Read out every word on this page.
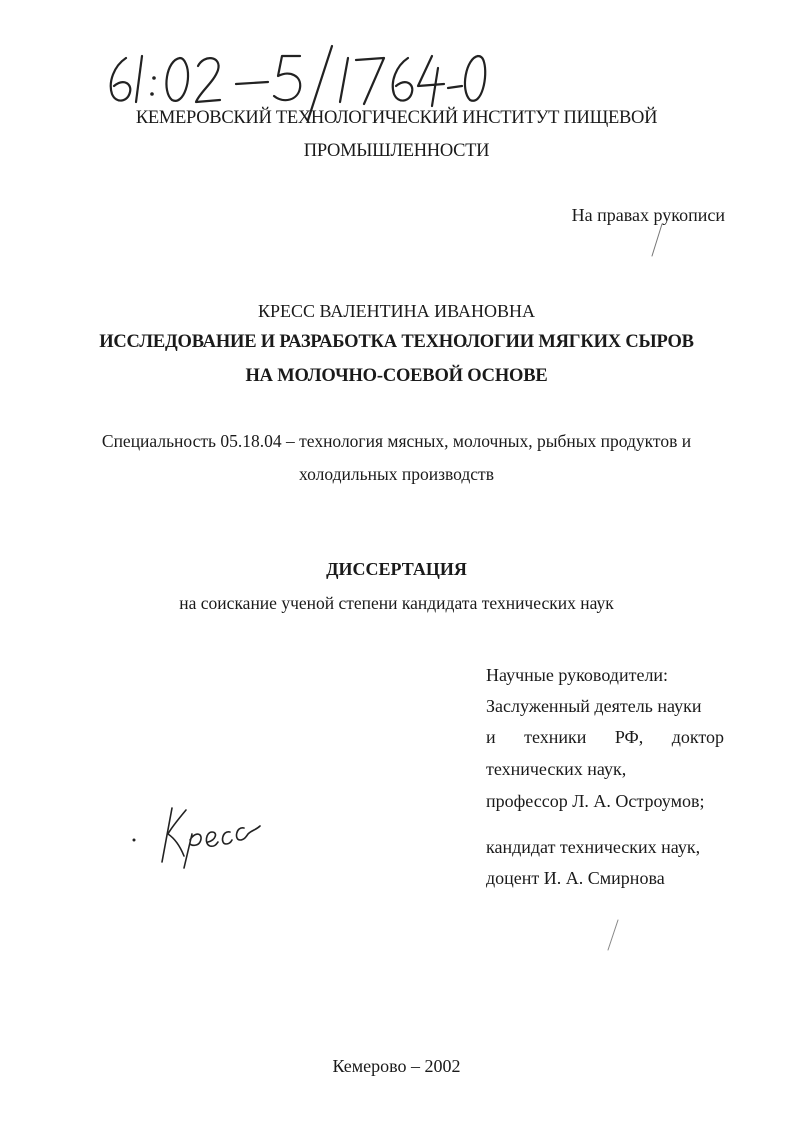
КЕМЕРОВСКИЙ ТЕХНОЛОГИЧЕСКИЙ ИНСТИТУТ ПИЩЕВОЙ
ПРОМЫШЛЕННОСТИ
На правах рукописи
КРЕСС ВАЛЕНТИНА ИВАНОВНА
ИССЛЕДОВАНИЕ И РАЗРАБОТКА ТЕХНОЛОГИИ МЯГКИХ СЫРОВ
НА МОЛОЧНО-СОЕВОЙ ОСНОВЕ
Специальность 05.18.04 – технология мясных, молочных, рыбных продуктов и
холодильных производств
ДИССЕРТАЦИЯ
на соискание ученой степени кандидата технических наук
Научные руководители:
Заслуженный деятель науки
и техники РФ, доктор
технических наук,
профессор Л. А. Остроумов;
кандидат технических наук,
доцент И. А. Смирнова
Кемерово – 2002
